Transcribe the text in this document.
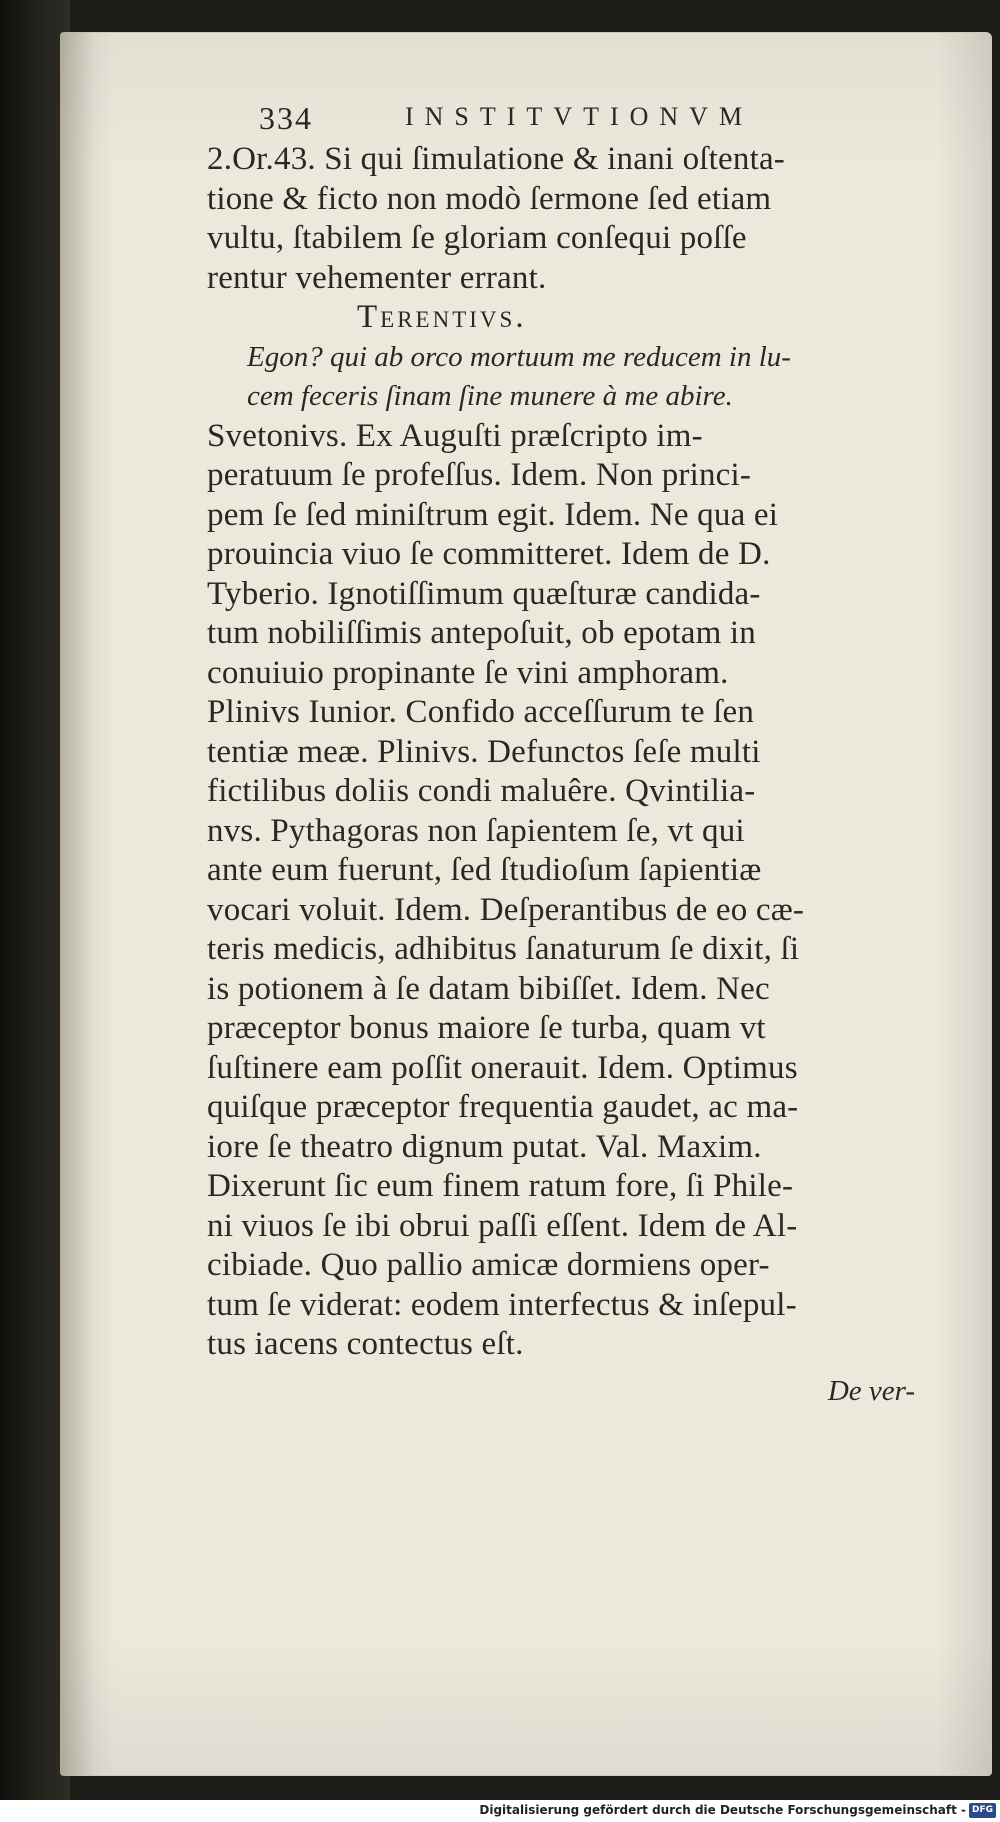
334	INSTITVTIONVM
2.Or.43. Si qui ſimulatione & inani oſtenta-
tione & ficto non modò ſermone ſed etiam
vultu, ſtabilem ſe gloriam conſequi poſſe
rentur vehementer errant.
Terentivs.
Egon? qui ab orco mortuum me reducem in lu-
cem feceris ſinam ſine munere à me abire.
Svetonivs. Ex Auguſti præſcripto im-
peratuum ſe profeſſus. Idem. Non princi-
pem ſe ſed miniſtrum egit. Idem. Ne qua ei
prouincia viuo ſe committeret. Idem de D.
Tyberio. Ignotiſſimum quæſturæ candida-
tum nobiliſſimis antepoſuit, ob epotam in
conuiuio propinante ſe vini amphoram.
Plinivs Iunior. Confido acceſſurum te ſen
tentiæ meæ. Plinivs. Defunctos ſeſe multi
fictilibus doliis condi maluêre. Qvintilia-
nvs. Pythagoras non ſapientem ſe, vt qui
ante eum fuerunt, ſed ſtudioſum ſapientiæ
vocari voluit. Idem. Deſperantibus de eo cæ-
teris medicis, adhibitus ſanaturum ſe dixit, ſi
is potionem à ſe datam bibiſſet. Idem. Nec
præceptor bonus maiore ſe turba, quam vt
ſuſtinere eam poſſit onerauit. Idem. Optimus
quiſque præceptor frequentia gaudet, ac ma-
iore ſe theatro dignum putat. Val. Maxim.
Dixerunt ſic eum finem ratum fore, ſi Phile-
ni viuos ſe ibi obrui paſſi eſſent. Idem de Al-
cibiade. Quo pallio amicæ dormiens oper-
tum ſe viderat: eodem interfectus & inſepul-
tus iacens contectus eſt.
De ver-
Digitalisierung gefördert durch die Deutsche Forschungsgemeinschaft - DFG
